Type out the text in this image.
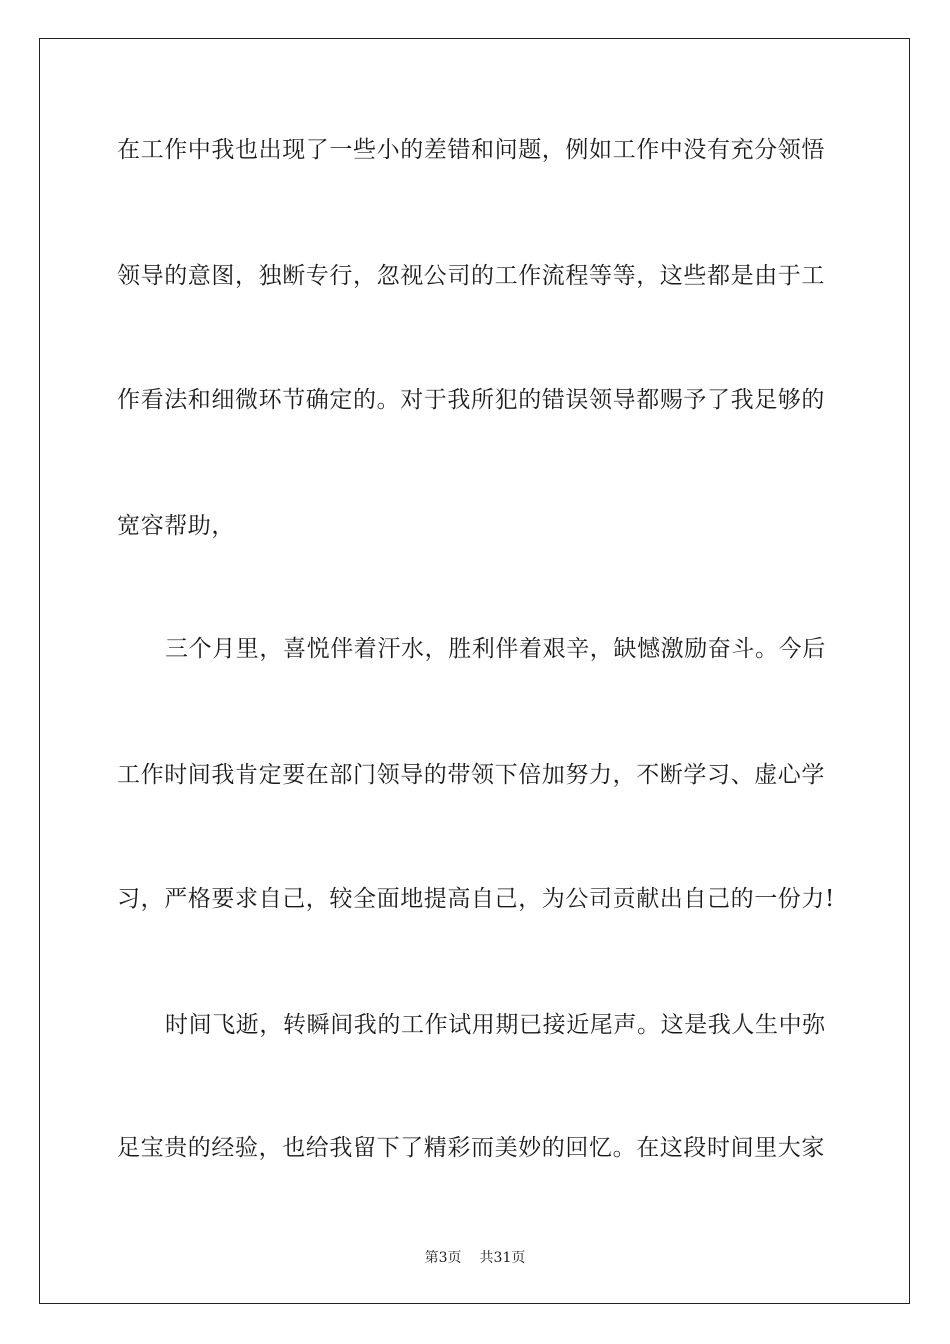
在工作中我也出现了一些小的差错和问题，例如工作中没有充分领悟
领导的意图，独断专行，忽视公司的工作流程等等，这些都是由于工
作看法和细微环节确定的。对于我所犯的错误领导都赐予了我足够的
宽容帮助，
三个月里，喜悦伴着汗水，胜利伴着艰辛，缺憾激励奋斗。今后
工作时间我肯定要在部门领导的带领下倍加努力，不断学习、虚心学
习，严格要求自己，较全面地提高自己，为公司贡献出自己的一份力!
时间飞逝，转瞬间我的工作试用期已接近尾声。这是我人生中弥
足宝贵的经验，也给我留下了精彩而美妙的回忆。在这段时间里大家
第3页 共31页
